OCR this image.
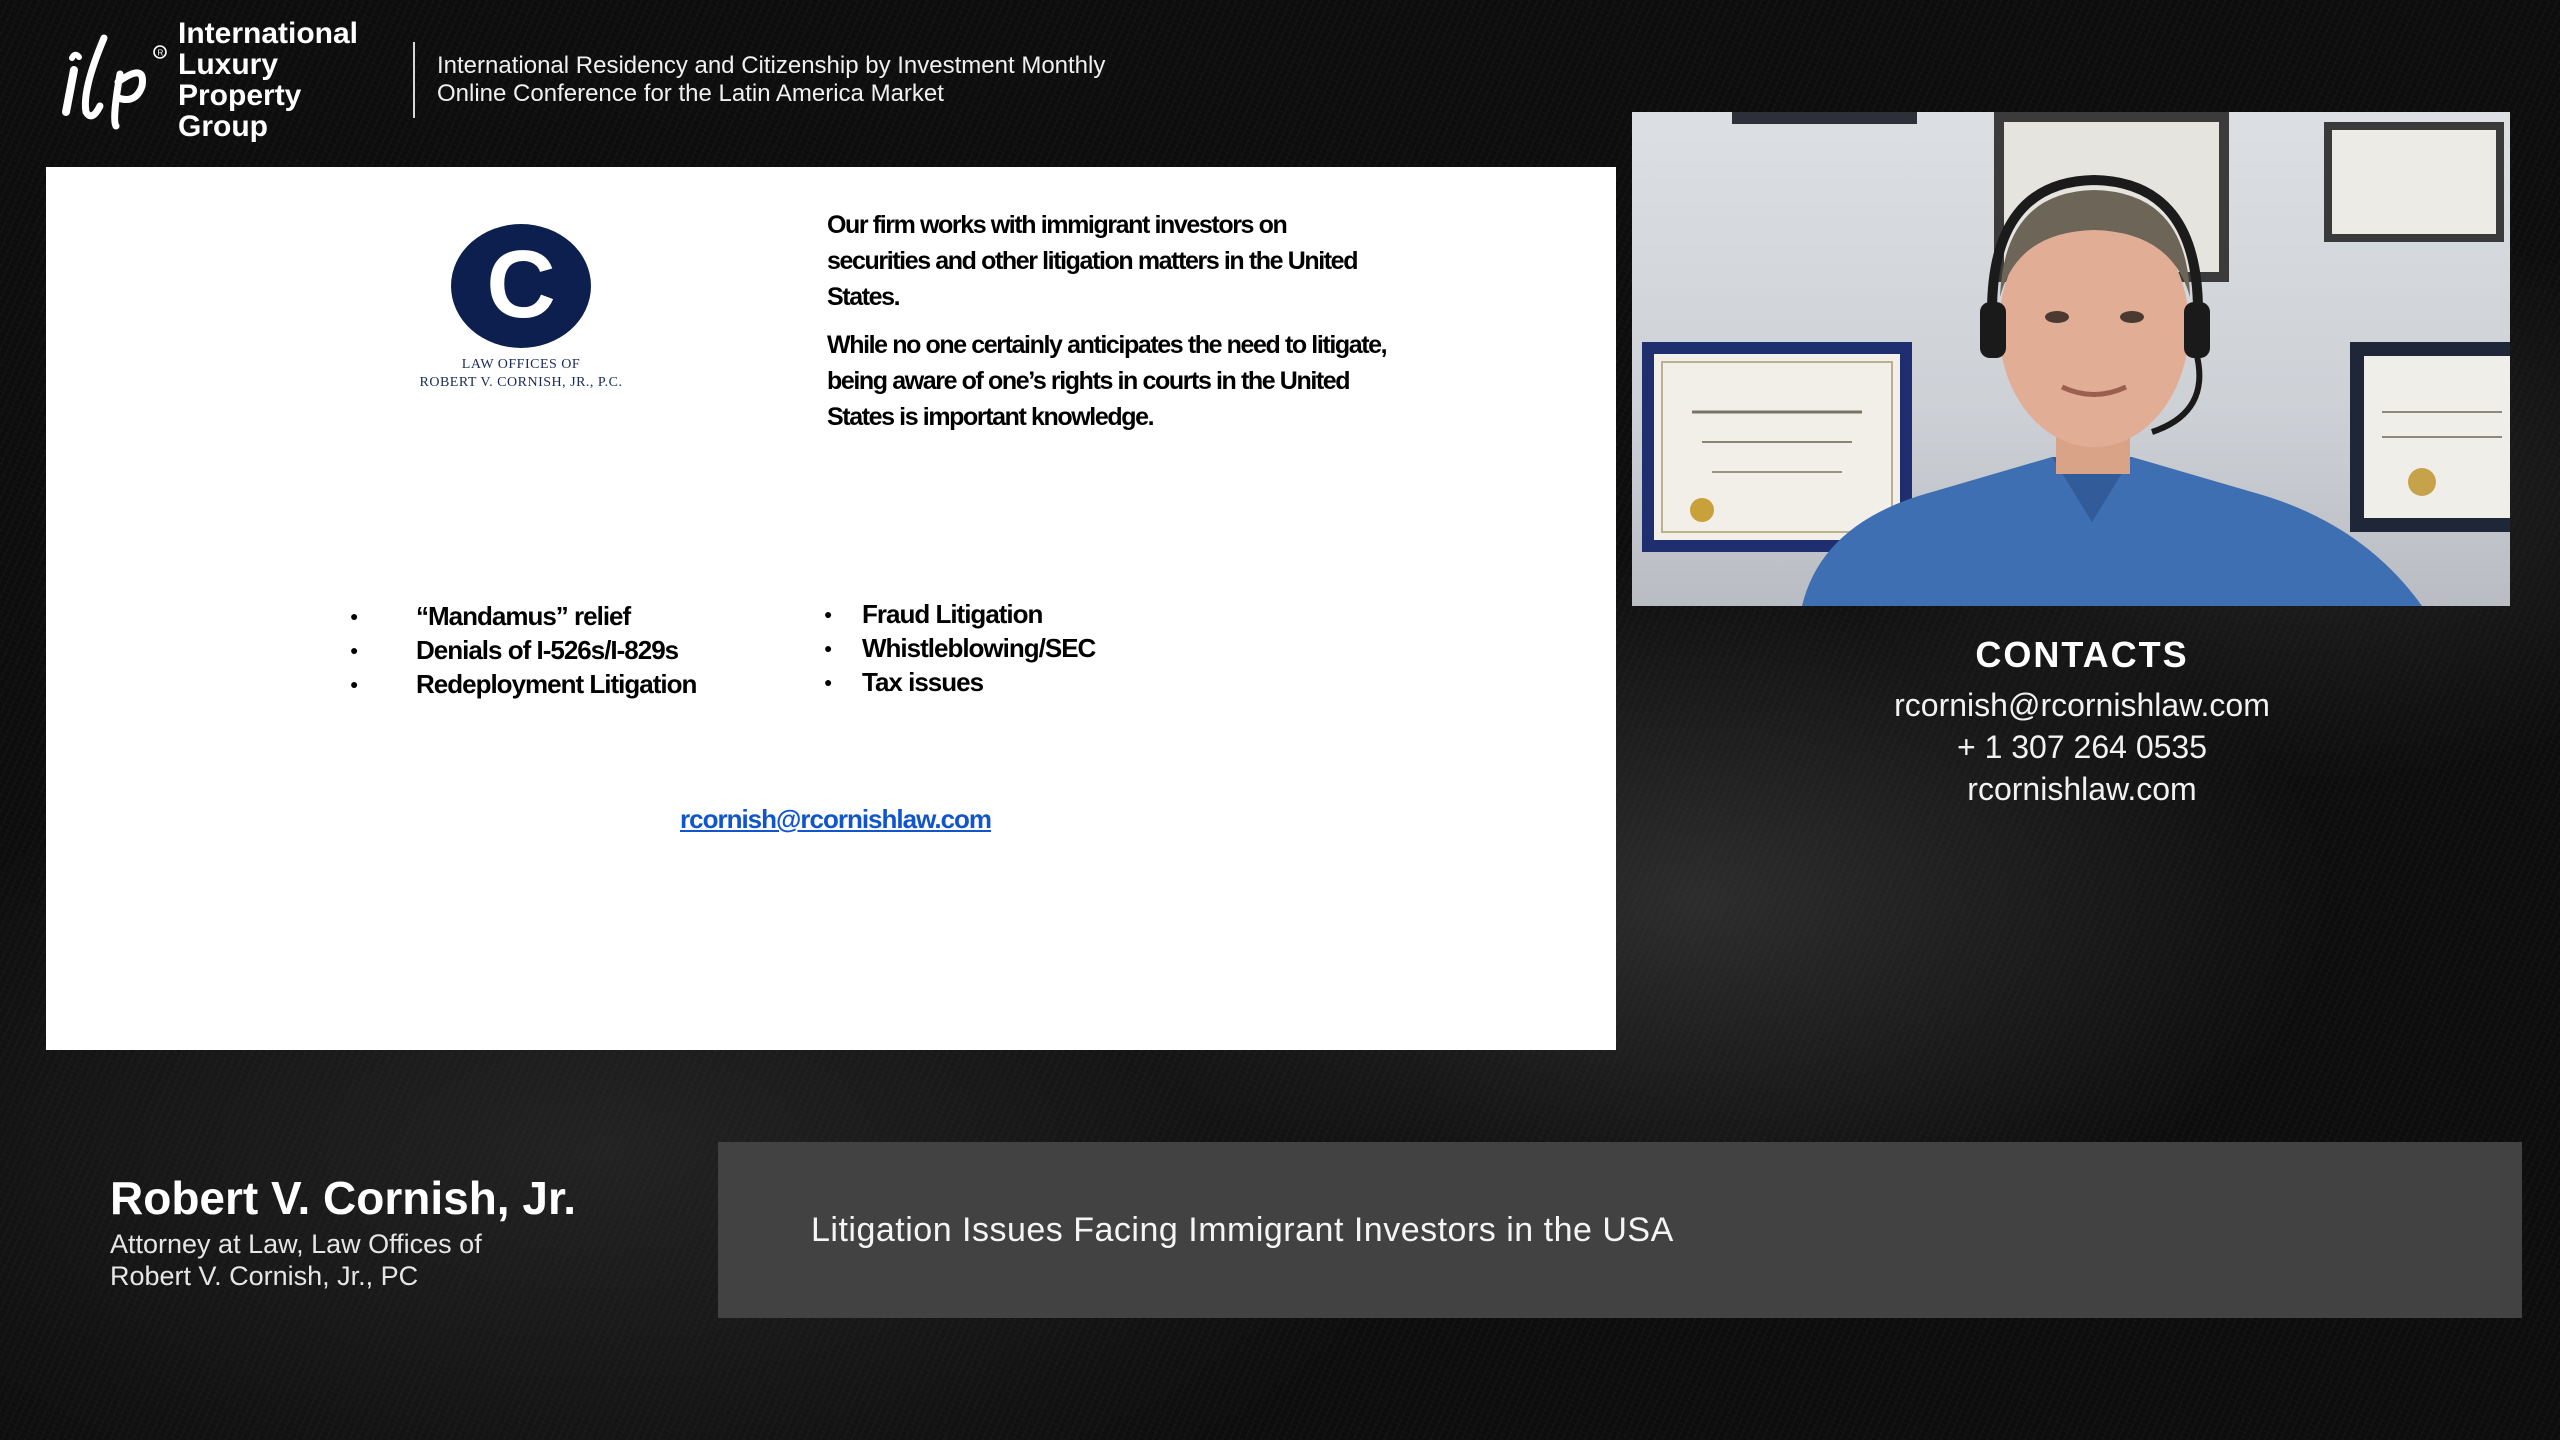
R
International
Luxury Property
Group
International Residency and Citizenship by Investment Monthly
Online Conference for the Latin America Market
C
LAW OFFICES OF
ROBERT V. CORNISH, JR., P.C.

Our firm works with immigrant investors on securities and other litigation matters in the United States.

While no one certainly anticipates the need to litigate, being aware of one’s rights in courts in the United States is important knowledge.

● “Mandamus” relief
● Denials of I-526s/I-829s
● Redeployment Litigation
● Fraud Litigation
● Whistleblowing/SEC
● Tax issues
rcornish@rcornishlaw.com
CONTACTS
rcornish@rcornishlaw.com
+ 1 307 264 0535
rcornishlaw.com
Robert V. Cornish, Jr.
Attorney at Law, Law Offices of
Robert V. Cornish, Jr., PC
Litigation Issues Facing Immigrant Investors in the USA
